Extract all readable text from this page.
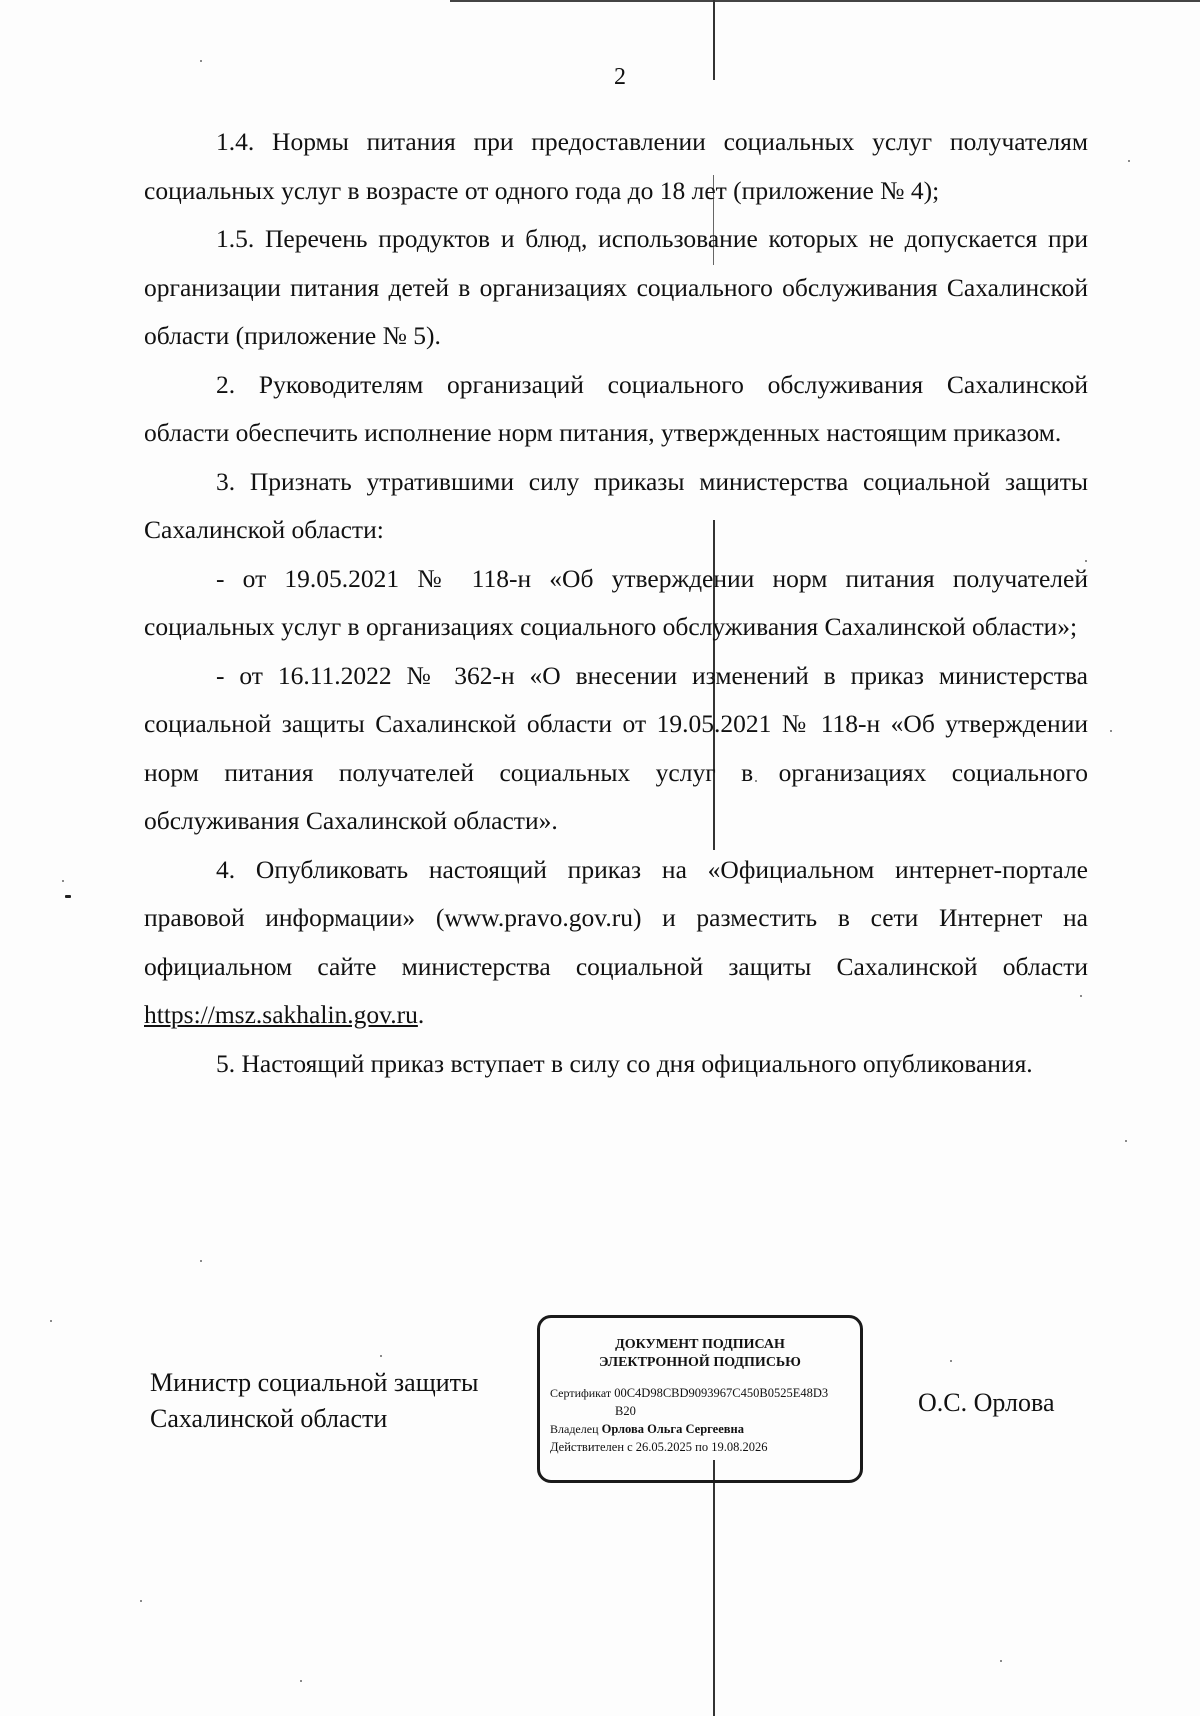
2

1.4. Нормы питания при предоставлении социальных услуг получателям социальных услуг в возрасте от одного года до 18 лет (приложение № 4);

1.5. Перечень продуктов и блюд, использование которых не допускается при организации питания детей в организациях социального обслуживания Сахалинской области (приложение № 5).

2. Руководителям организаций социального обслуживания Сахалинской области обеспечить исполнение норм питания, утвержденных настоящим приказом.

3. Признать утратившими силу приказы министерства социальной защиты Сахалинской области:

- от 19.05.2021 № 118-н «Об утверждении норм питания получателей социальных услуг в организациях социального обслуживания Сахалинской области»;

- от 16.11.2022 № 362-н «О внесении изменений в приказ министерства социальной защиты Сахалинской области от 19.05.2021 № 118-н «Об утверждении норм питания получателей социальных услуг в организациях социального обслуживания Сахалинской области».

4. Опубликовать настоящий приказ на «Официальном интернет-портале правовой информации» (www.pravo.gov.ru) и разместить в сети Интернет на официальном сайте министерства социальной защиты Сахалинской области https://msz.sakhalin.gov.ru.

5. Настоящий приказ вступает в силу со дня официального опубликования.

Министр социальной защиты
Сахалинской области
ДОКУМЕНТ ПОДПИСАН
ЭЛЕКТРОННОЙ ПОДПИСЬЮ
Сертификат 00C4D98CBD9093967C450B0525E48D3
B20
Владелец Орлова Ольга Сергеевна
Действителен с 26.05.2025 по 19.08.2026
О.С. Орлова
